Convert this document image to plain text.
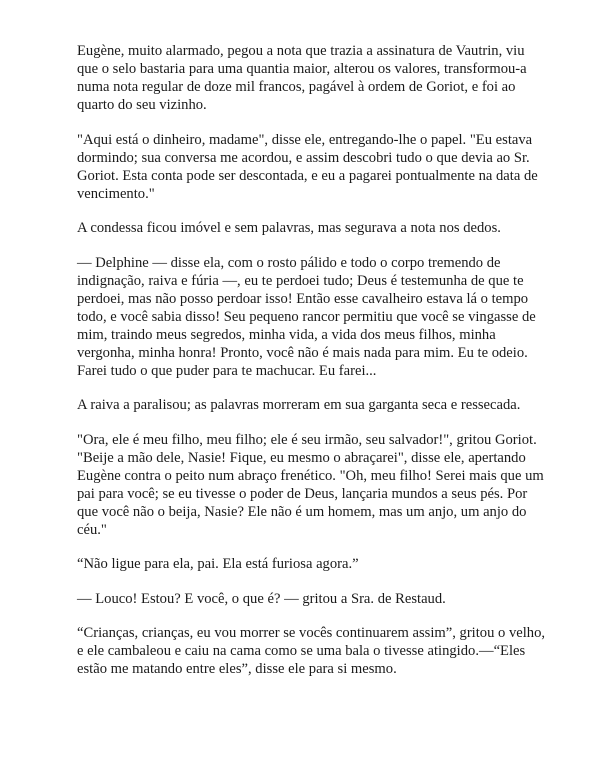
Eugène, muito alarmado, pegou a nota que trazia a assinatura de Vautrin, viu que o selo bastaria para uma quantia maior, alterou os valores, transformou-a numa nota regular de doze mil francos, pagável à ordem de Goriot, e foi ao quarto do seu vizinho.

"Aqui está o dinheiro, madame", disse ele, entregando-lhe o papel. "Eu estava dormindo; sua conversa me acordou, e assim descobri tudo o que devia ao Sr. Goriot. Esta conta pode ser descontada, e eu a pagarei pontualmente na data de vencimento."

A condessa ficou imóvel e sem palavras, mas segurava a nota nos dedos.

— Delphine — disse ela, com o rosto pálido e todo o corpo tremendo de indignação, raiva e fúria —, eu te perdoei tudo; Deus é testemunha de que te perdoei, mas não posso perdoar isso! Então esse cavalheiro estava lá o tempo todo, e você sabia disso! Seu pequeno rancor permitiu que você se vingasse de mim, traindo meus segredos, minha vida, a vida dos meus filhos, minha vergonha, minha honra! Pronto, você não é mais nada para mim. Eu te odeio. Farei tudo o que puder para te machucar. Eu farei...

A raiva a paralisou; as palavras morreram em sua garganta seca e ressecada.

"Ora, ele é meu filho, meu filho; ele é seu irmão, seu salvador!", gritou Goriot. "Beije a mão dele, Nasie! Fique, eu mesmo o abraçarei", disse ele, apertando Eugène contra o peito num abraço frenético. "Oh, meu filho! Serei mais que um pai para você; se eu tivesse o poder de Deus, lançaria mundos a seus pés. Por que você não o beija, Nasie? Ele não é um homem, mas um anjo, um anjo do céu."

“Não ligue para ela, pai. Ela está furiosa agora.”

— Louco! Estou? E você, o que é? — gritou a Sra. de Restaud.

“Crianças, crianças, eu vou morrer se vocês continuarem assim”, gritou o velho, e ele cambaleou e caiu na cama como se uma bala o tivesse atingido.—“Eles estão me matando entre eles”, disse ele para si mesmo.
